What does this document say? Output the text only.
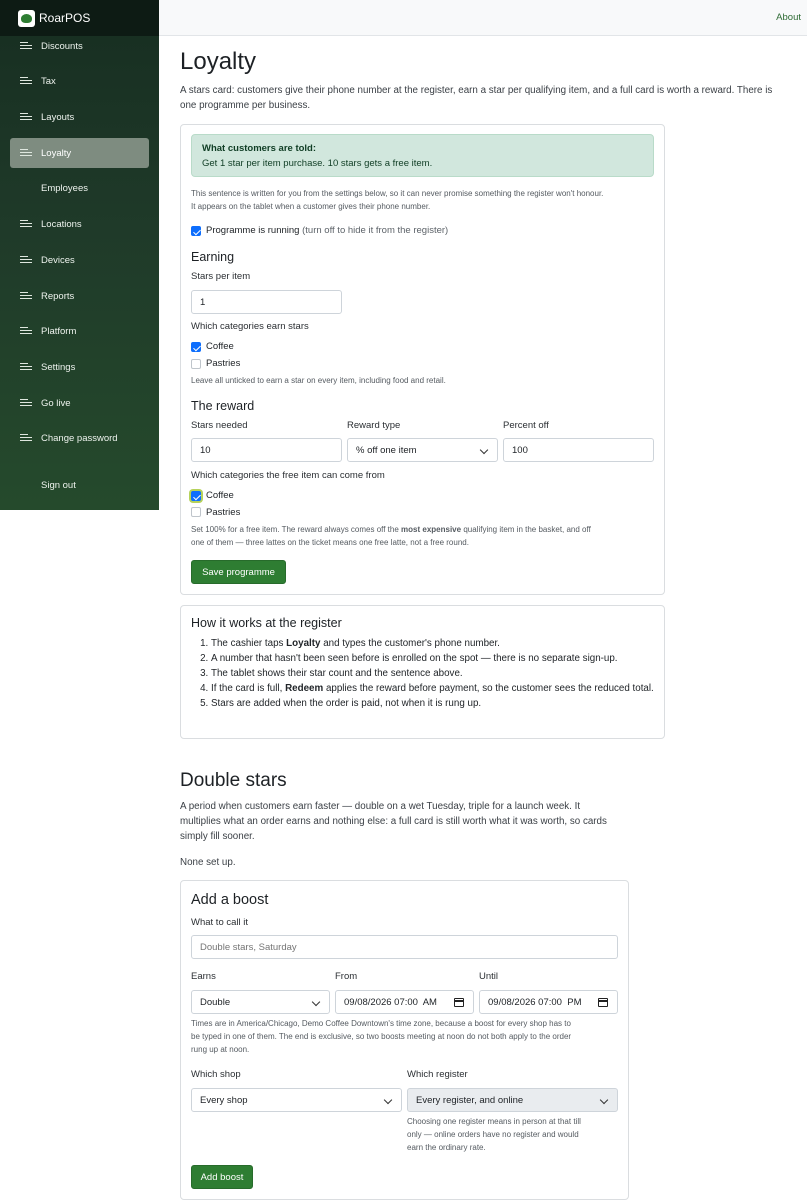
RoarPOS
Discounts
Tax
Layouts
Loyalty
Employees
Locations
Devices
Reports
Platform
Settings
Go live
Change password
Sign out
About
Loyalty
A stars card: customers give their phone number at the register, earn a star per qualifying item, and a full card is worth a reward. There is
one programme per business.
What customers are told:
Get 1 star per item purchase. 10 stars gets a free item.
This sentence is written for you from the settings below, so it can never promise something the register won't honour.
It appears on the tablet when a customer gives their phone number.
Programme is running (turn off to hide it from the register)
Earning
Stars per item
1
Which categories earn stars
Coffee
Pastries
Leave all unticked to earn a star on every item, including food and retail.
The reward
Stars needed	Reward type	Percent off
10	% off one item	100
Which categories the free item can come from
Coffee
Pastries
Set 100% for a free item. The reward always comes off the most expensive qualifying item in the basket, and off
one of them — three lattes on the ticket means one free latte, not a free round.
Save programme
How it works at the register
1. The cashier taps Loyalty and types the customer's phone number.
2. A number that hasn't been seen before is enrolled on the spot — there is no separate sign-up.
3. The tablet shows their star count and the sentence above.
4. If the card is full, Redeem applies the reward before payment, so the customer sees the reduced total.
5. Stars are added when the order is paid, not when it is rung up.
Double stars
A period when customers earn faster — double on a wet Tuesday, triple for a launch week. It
multiplies what an order earns and nothing else: a full card is still worth what it was worth, so cards
simply fill sooner.
None set up.
Add a boost
What to call it
Double stars, Saturday
Earns	From	Until
Double	09/08/2026 07:00  AM	09/08/2026 07:00  PM
Times are in America/Chicago, Demo Coffee Downtown's time zone, because a boost for every shop has to
be typed in one of them. The end is exclusive, so two boosts meeting at noon do not both apply to the order
rung up at noon.
Which shop	Which register
Every shop	Every register, and online
Choosing one register means in person at that till
only — online orders have no register and would
earn the ordinary rate.
Add boost
